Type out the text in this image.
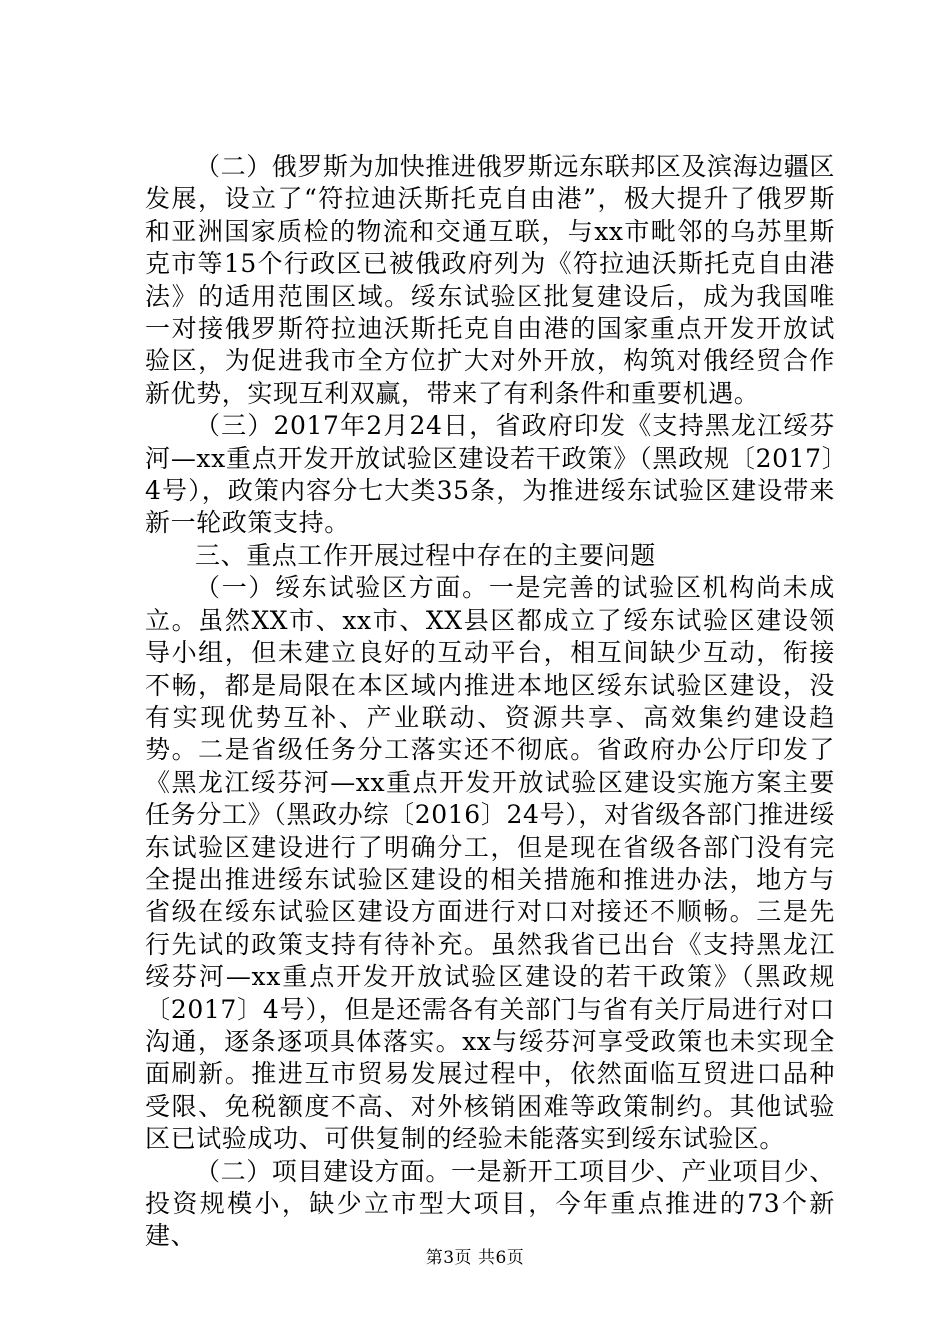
（二）俄罗斯为加快推进俄罗斯远东联邦区及滨海边疆区发展，设立了“符拉迪沃斯托克自由港”，极大提升了俄罗斯和亚洲国家质检的物流和交通互联，与xx市毗邻的乌苏里斯克市等15个行政区已被俄政府列为《符拉迪沃斯托克自由港法》的适用范围区域。绥东试验区批复建设后，成为我国唯一对接俄罗斯符拉迪沃斯托克自由港的国家重点开发开放试验区，为促进我市全方位扩大对外开放，构筑对俄经贸合作新优势，实现互利双赢，带来了有利条件和重要机遇。

（三）2017年2月24日，省政府印发《支持黑龙江绥芬河—xx重点开发开放试验区建设若干政策》（黑政规〔2017〕4号），政策内容分七大类35条，为推进绥东试验区建设带来新一轮政策支持。

三、重点工作开展过程中存在的主要问题

（一）绥东试验区方面。一是完善的试验区机构尚未成立。虽然XX市、xx市、XX县区都成立了绥东试验区建设领导小组，但未建立良好的互动平台，相互间缺少互动，衔接不畅，都是局限在本区域内推进本地区绥东试验区建设，没有实现优势互补、产业联动、资源共享、高效集约建设趋势。二是省级任务分工落实还不彻底。省政府办公厅印发了《黑龙江绥芬河—xx重点开发开放试验区建设实施方案主要任务分工》（黑政办综〔2016〕24号），对省级各部门推进绥东试验区建设进行了明确分工，但是现在省级各部门没有完全提出推进绥东试验区建设的相关措施和推进办法，地方与省级在绥东试验区建设方面进行对口对接还不顺畅。三是先行先试的政策支持有待补充。虽然我省已出台《支持黑龙江绥芬河—xx重点开发开放试验区建设的若干政策》（黑政规〔2017〕4号），但是还需各有关部门与省有关厅局进行对口沟通，逐条逐项具体落实。xx与绥芬河享受政策也未实现全面刷新。推进互市贸易发展过程中，依然面临互贸进口品种受限、免税额度不高、对外核销困难等政策制约。其他试验区已试验成功、可供复制的经验未能落实到绥东试验区。

（二）项目建设方面。一是新开工项目少、产业项目少、投资规模小，缺少立市型大项目，今年重点推进的73个新建、

第3页 共6页
